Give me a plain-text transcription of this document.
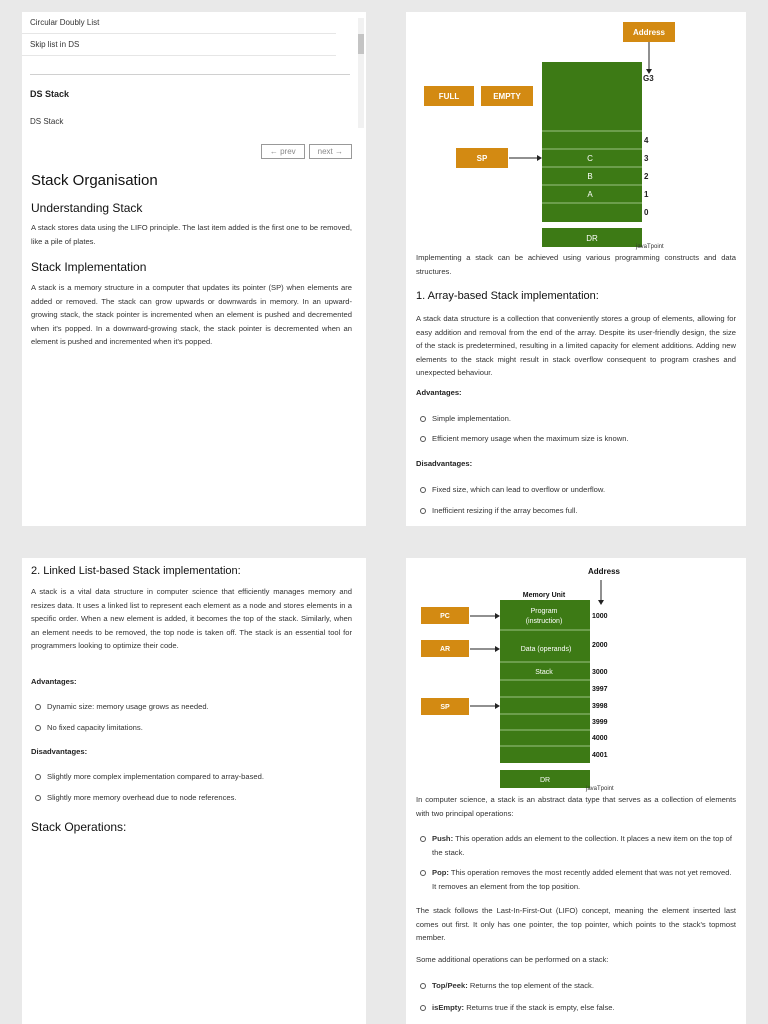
Circular Doubly List
Skip list in DS
DS Stack
DS Stack
← prev	next →
Stack Organisation
Understanding Stack

A stack stores data using the LIFO principle. The last item added is the first one to be removed, like a pile of plates.

Stack Implementation

A stack is a memory structure in a computer that updates its pointer (SP) when elements are added or removed. The stack can grow upwards or downwards in memory. In an upward-growing stack, the stack pointer is incremented when an element is pushed and decremented when it's popped. In a downward-growing stack, the stack pointer is decremented when an element is pushed and incremented when it's popped.

Address
G3
FULL	EMPTY
C
B
A
4
3
2
1
0
SP
DR
javaTpoint

Implementing a stack can be achieved using various programming constructs and data structures.

1. Array-based Stack implementation:

A stack data structure is a collection that conveniently stores a group of elements, allowing for easy addition and removal from the end of the array. Despite its user-friendly design, the size of the stack is predetermined, resulting in a limited capacity for element additions. Adding new elements to the stack might result in stack overflow consequent to program crashes and unexpected behaviour.

Advantages:

Simple implementation.
Efficient memory usage when the maximum size is known.

Disadvantages:

Fixed size, which can lead to overflow or underflow.
Inefficient resizing if the array becomes full.
2. Linked List-based Stack implementation:

A stack is a vital data structure in computer science that efficiently manages memory and resizes data. It uses a linked list to represent each element as a node and stores elements in a specific order. When a new element is added, it becomes the top of the stack. Similarly, when an element needs to be removed, the top node is taken off. The stack is an essential tool for programmers looking to optimize their code.

Advantages:

Dynamic size: memory usage grows as needed.
No fixed capacity limitations.

Disadvantages:

Slightly more complex implementation compared to array-based.
Slightly more memory overhead due to node references.
Stack Operations:
Address
Memory Unit
Program
(instruction)
Data (operands)
Stack
1000
2000
3000
3997
3998
3999
4000
4001
PC
AR
SP
DR
javaTpoint

In computer science, a stack is an abstract data type that serves as a collection of elements with two principal operations:

Push: This operation adds an element to the collection. It places a new item on the top of the stack.
Pop: This operation removes the most recently added element that was not yet removed. It removes an element from the top position.

The stack follows the Last-In-First-Out (LIFO) concept, meaning the element inserted last comes out first. It only has one pointer, the top pointer, which points to the stack's topmost member.

Some additional operations can be performed on a stack:

Top/Peek: Returns the top element of the stack.
isEmpty: Returns true if the stack is empty, else false.
